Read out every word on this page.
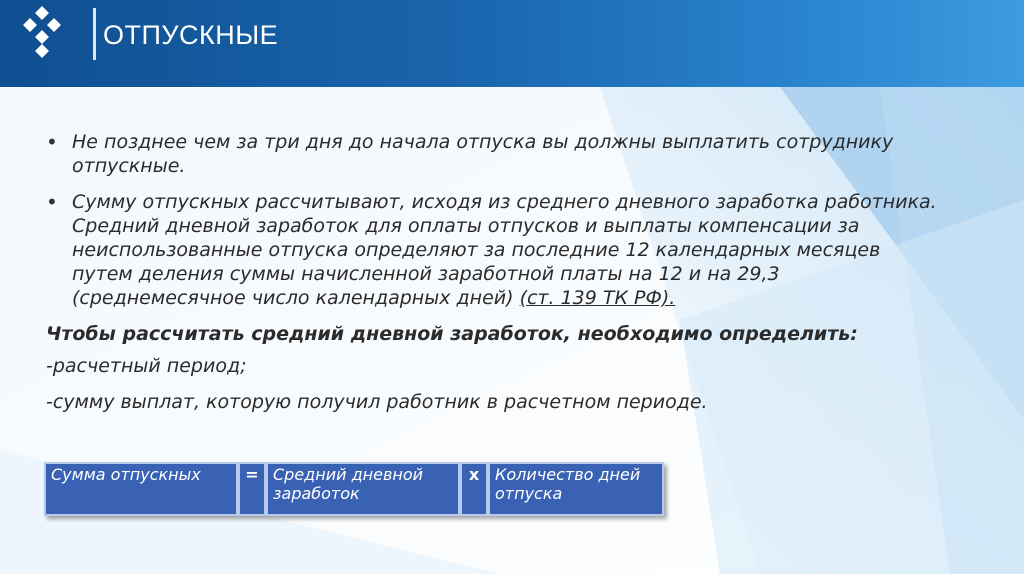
ОТПУСКНЫЕ
• Не позднее чем за три дня до начала отпуска вы должны выплатить сотруднику отпускные.
• Сумму отпускных рассчитывают, исходя из среднего дневного заработка работника. Средний дневной заработок для оплаты отпусков и выплаты компенсации за неиспользованные отпуска определяют за последние 12 календарных месяцев путем деления суммы начисленной заработной платы на 12 и на 29,3 (среднемесячное число календарных дней) (ст. 139 ТК РФ).
Чтобы рассчитать средний дневной заработок, необходимо определить:
-расчетный период;
-сумму выплат, которую получил работник в расчетном периоде.
Сумма отпускных	=	Средний дневной заработок	х	Количество дней отпуска
